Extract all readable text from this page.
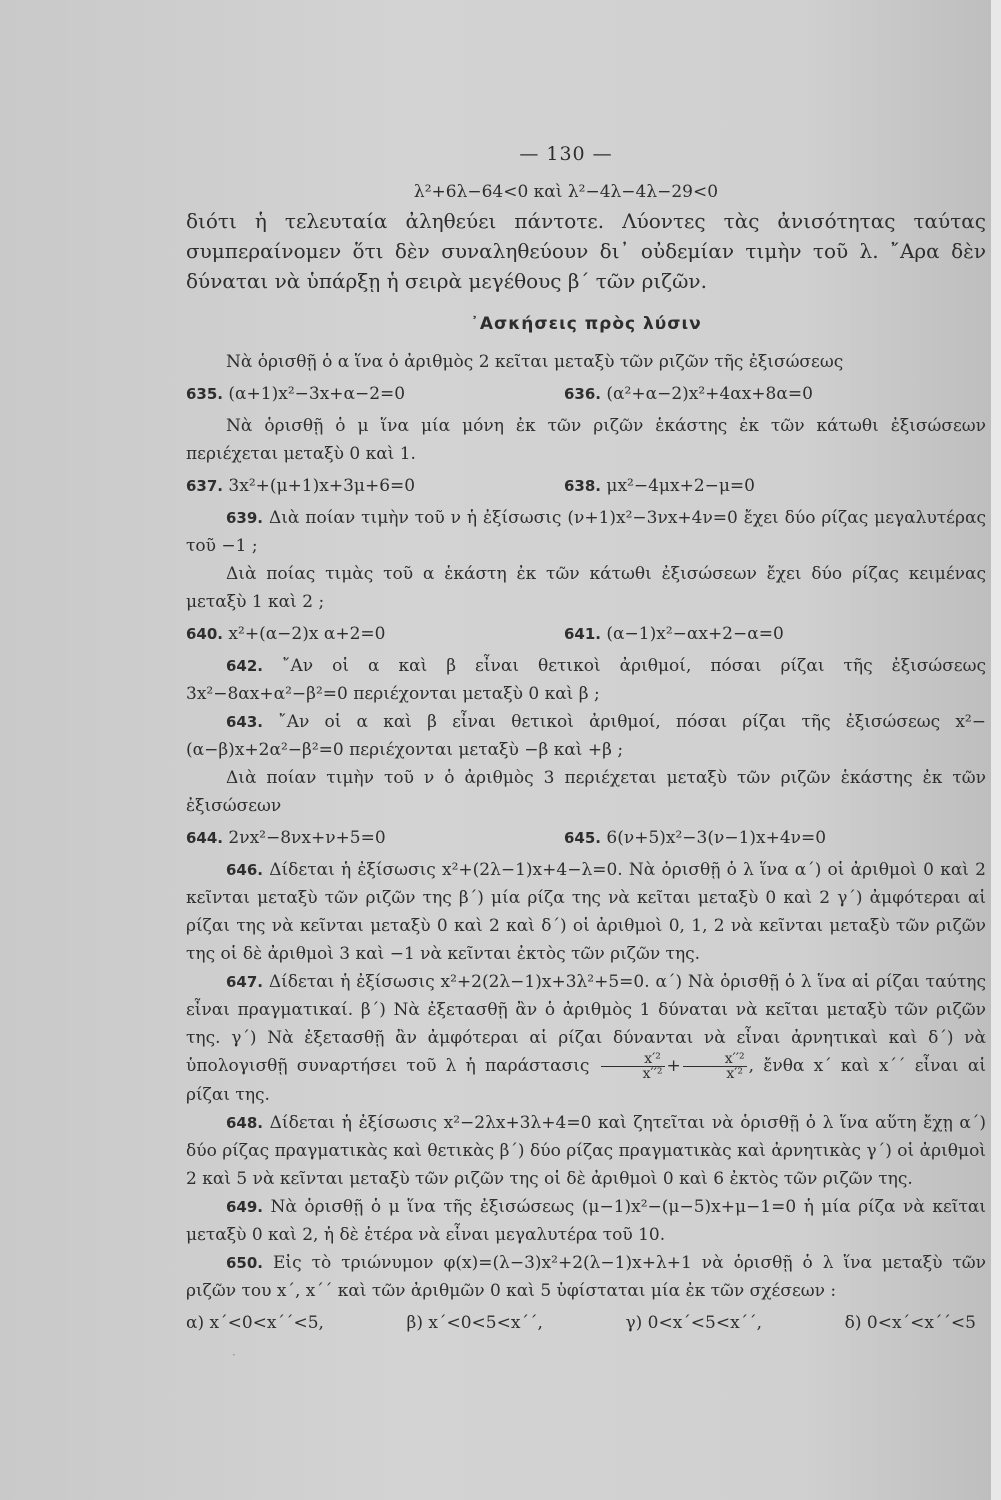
— 130 —
λ²+6λ−64<0 καὶ λ²−4λ−4λ−29<0

διότι ἡ τελευταία ἀληθεύει πάντοτε. Λύοντες τὰς ἀνισότητας ταύτας συμπεραίνομεν ὅτι δὲν συναληθεύουν δι᾽ οὐδεμίαν τιμὴν τοῦ λ. ῎Αρα δὲν δύναται νὰ ὑπάρξῃ ἡ σειρὰ μεγέθους β΄ τῶν ριζῶν.

᾽Ασκήσεις πρὸς λύσιν

Νὰ ὁρισθῇ ὁ α ἵνα ὁ ἀριθμὸς 2 κεῖται μεταξὺ τῶν ριζῶν τῆς ἐξισώσεως

635. (α+1)x²−3x+α−2=0	636. (α²+α−2)x²+4αx+8α=0

Νὰ ὁρισθῇ ὁ μ ἵνα μία μόνη ἐκ τῶν ριζῶν ἑκάστης ἐκ τῶν κάτωθι ἐξισώσεων περιέχεται μεταξὺ 0 καὶ 1.

637. 3x²+(μ+1)x+3μ+6=0	638. μx²−4μx+2−μ=0

639. Διὰ ποίαν τιμὴν τοῦ ν ἡ ἐξίσωσις (ν+1)x²−3νx+4ν=0 ἔχει δύο ρίζας μεγαλυτέρας τοῦ −1 ;

Διὰ ποίας τιμὰς τοῦ α ἑκάστη ἐκ τῶν κάτωθι ἐξισώσεων ἔχει δύο ρίζας κειμένας μεταξὺ 1 καὶ 2 ;

640. x²+(α−2)x α+2=0	641. (α−1)x²−αx+2−α=0

642. ῎Αν οἱ α καὶ β εἶναι θετικοὶ ἀριθμοί, πόσαι ρίζαι τῆς ἐξισώσεως 3x²−8αx+α²−β²=0 περιέχονται μεταξὺ 0 καὶ β ;

643. ῎Αν οἱ α καὶ β εἶναι θετικοὶ ἀριθμοί, πόσαι ρίζαι τῆς ἐξισώσεως x²−(α−β)x+2α²−β²=0 περιέχονται μεταξὺ −β καὶ +β ;

Διὰ ποίαν τιμὴν τοῦ ν ὁ ἀριθμὸς 3 περιέχεται μεταξὺ τῶν ριζῶν ἑκάστης ἐκ τῶν ἐξισώσεων

644. 2νx²−8νx+ν+5=0	645. 6(ν+5)x²−3(ν−1)x+4ν=0

646. Δίδεται ἡ ἐξίσωσις x²+(2λ−1)x+4−λ=0. Νὰ ὁρισθῇ ὁ λ ἵνα α΄) οἱ ἀριθμοὶ 0 καὶ 2 κεῖνται μεταξὺ τῶν ριζῶν της β΄) μία ρίζα της νὰ κεῖται μεταξὺ 0 καὶ 2 γ΄) ἀμφότεραι αἱ ρίζαι της νὰ κεῖνται μεταξὺ 0 καὶ 2 καὶ δ΄) οἱ ἀριθμοὶ 0, 1, 2 νὰ κεῖνται μεταξὺ τῶν ριζῶν της οἱ δὲ ἀριθμοὶ 3 καὶ −1 νὰ κεῖνται ἐκτὸς τῶν ριζῶν της.

647. Δίδεται ἡ ἐξίσωσις x²+2(2λ−1)x+3λ²+5=0. α΄) Νὰ ὁρισθῇ ὁ λ ἵνα αἱ ρίζαι ταύτης εἶναι πραγματικαί. β΄) Νὰ ἐξετασθῇ ἂν ὁ ἀριθμὸς 1 δύναται νὰ κεῖται μεταξὺ τῶν ριζῶν της. γ΄) Νὰ ἐξετασθῇ ἂν ἀμφότεραι αἱ ρίζαι δύνανται νὰ εἶναι ἀρνητικαὶ καὶ δ΄) νὰ ὑπολογισθῇ συναρτήσει τοῦ λ ἡ παράστασις $\frac{\text{x′²}}{\text{x′′²}} + \frac{\text{x′′²}}{\text{x′²}}$ , ἔνθα x΄ καὶ x΄΄ εἶναι αἱ ρίζαι της.

648. Δίδεται ἡ ἐξίσωσις x²−2λx+3λ+4=0 καὶ ζητεῖται νὰ ὁρισθῇ ὁ λ ἵνα αὕτη ἔχῃ α΄) δύο ρίζας πραγματικὰς καὶ θετικὰς β΄) δύο ρίζας πραγματικὰς καὶ ἀρνητικὰς γ΄) οἱ ἀριθμοὶ 2 καὶ 5 νὰ κεῖνται μεταξὺ τῶν ριζῶν της οἱ δὲ ἀριθμοὶ 0 καὶ 6 ἐκτὸς τῶν ριζῶν της.

649. Νὰ ὁρισθῇ ὁ μ ἵνα τῆς ἐξισώσεως (μ−1)x²−(μ−5)x+μ−1=0 ἡ μία ρίζα νὰ κεῖται μεταξὺ 0 καὶ 2, ἡ δὲ ἑτέρα νὰ εἶναι μεγαλυτέρα τοῦ 10.

650. Εἰς τὸ τριώνυμον φ(x)=(λ−3)x²+2(λ−1)x+λ+1 νὰ ὁρισθῇ ὁ λ ἵνα μεταξὺ τῶν ριζῶν του x΄, x΄΄ καὶ τῶν ἀριθμῶν 0 καὶ 5 ὑφίσταται μία ἐκ τῶν σχέσεων :

α) x΄<0<x΄΄<5,	β) x΄<0<5<x΄΄,	γ) 0<x΄<5<x΄΄,	δ) 0<x΄<x΄΄<5
·
